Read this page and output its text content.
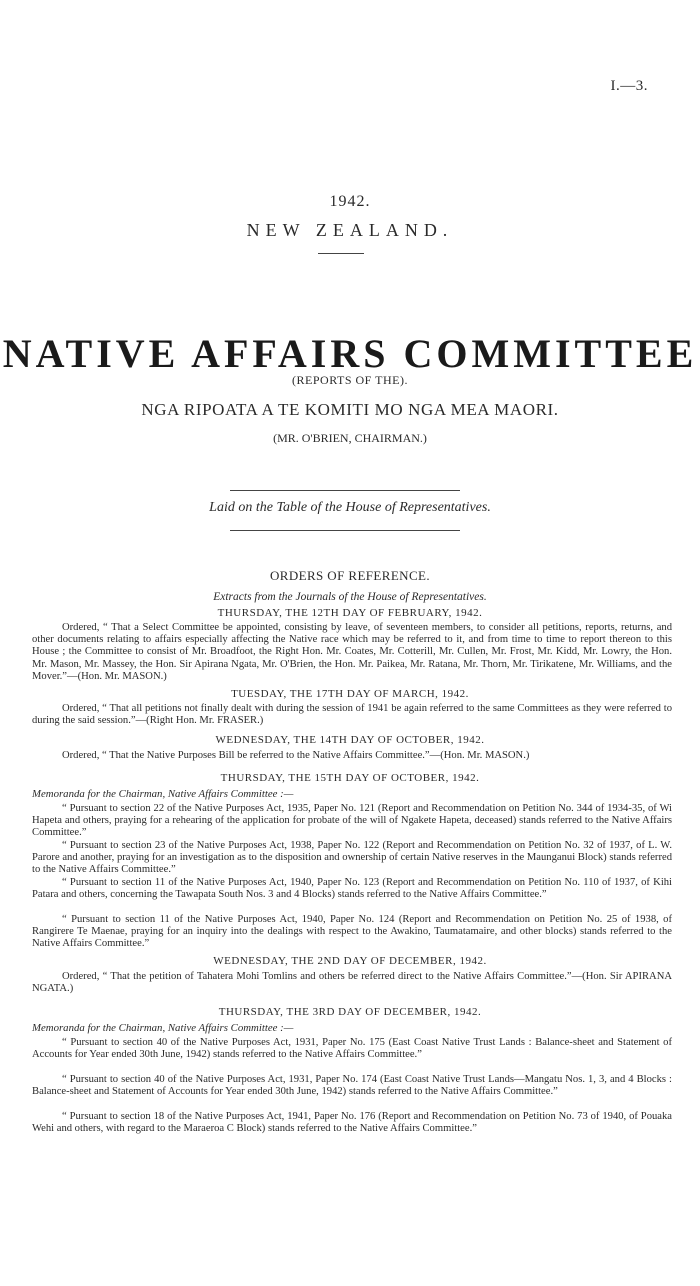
I.—3.
1942.
NEW ZEALAND.
NATIVE AFFAIRS COMMITTEE
(REPORTS OF THE).
NGA RIPOATA A TE KOMITI MO NGA MEA MAORI.
(MR. O'BRIEN, CHAIRMAN.)
Laid on the Table of the House of Representatives.
ORDERS OF REFERENCE.
Extracts from the Journals of the House of Representatives.
THURSDAY, THE 12TH DAY OF FEBRUARY, 1942.

Ordered, “ That a Select Committee be appointed, consisting by leave, of seventeen members, to consider all petitions, reports, returns, and other documents relating to affairs especially affecting the Native race which may be referred to it, and from time to time to report thereon to this House ; the Committee to consist of Mr. Broadfoot, the Right Hon. Mr. Coates, Mr. Cotterill, Mr. Cullen, Mr. Frost, Mr. Kidd, Mr. Lowry, the Hon. Mr. Mason, Mr. Massey, the Hon. Sir Apirana Ngata, Mr. O'Brien, the Hon. Mr. Paikea, Mr. Ratana, Mr. Thorn, Mr. Tirikatene, Mr. Williams, and the Mover.”—(Hon. Mr. MASON.)

TUESDAY, THE 17TH DAY OF MARCH, 1942.

Ordered, “ That all petitions not finally dealt with during the session of 1941 be again referred to the same Committees as they were referred to during the said session.”—(Right Hon. Mr. FRASER.)

WEDNESDAY, THE 14TH DAY OF OCTOBER, 1942.

Ordered, “ That the Native Purposes Bill be referred to the Native Affairs Committee.”—(Hon. Mr. MASON.)

THURSDAY, THE 15TH DAY OF OCTOBER, 1942.
Memoranda for the Chairman, Native Affairs Committee :—

“ Pursuant to section 22 of the Native Purposes Act, 1935, Paper No. 121 (Report and Recommendation on Petition No. 344 of 1934-35, of Wi Hapeta and others, praying for a rehearing of the application for probate of the will of Ngakete Hapeta, deceased) stands referred to the Native Affairs Committee.”

“ Pursuant to section 23 of the Native Purposes Act, 1938, Paper No. 122 (Report and Recommendation on Petition No. 32 of 1937, of L. W. Parore and another, praying for an investigation as to the disposition and ownership of certain Native reserves in the Maunganui Block) stands referred to the Native Affairs Committee.”

“ Pursuant to section 11 of the Native Purposes Act, 1940, Paper No. 123 (Report and Recommendation on Petition No. 110 of 1937, of Kihi Patara and others, concerning the Tawapata South Nos. 3 and 4 Blocks) stands referred to the Native Affairs Committee.”

“ Pursuant to section 11 of the Native Purposes Act, 1940, Paper No. 124 (Report and Recommendation on Petition No. 25 of 1938, of Rangirere Te Maenae, praying for an inquiry into the dealings with respect to the Awakino, Taumatamaire, and other blocks) stands referred to the Native Affairs Committee.”

WEDNESDAY, THE 2ND DAY OF DECEMBER, 1942.

Ordered, “ That the petition of Tahatera Mohi Tomlins and others be referred direct to the Native Affairs Committee.”—(Hon. Sir APIRANA NGATA.)

THURSDAY, THE 3RD DAY OF DECEMBER, 1942.
Memoranda for the Chairman, Native Affairs Committee :—

“ Pursuant to section 40 of the Native Purposes Act, 1931, Paper No. 175 (East Coast Native Trust Lands : Balance-sheet and Statement of Accounts for Year ended 30th June, 1942) stands referred to the Native Affairs Committee.”

“ Pursuant to section 40 of the Native Purposes Act, 1931, Paper No. 174 (East Coast Native Trust Lands—Mangatu Nos. 1, 3, and 4 Blocks : Balance-sheet and Statement of Accounts for Year ended 30th June, 1942) stands referred to the Native Affairs Committee.”

“ Pursuant to section 18 of the Native Purposes Act, 1941, Paper No. 176 (Report and Recommendation on Petition No. 73 of 1940, of Pouaka Wehi and others, with regard to the Maraeroa C Block) stands referred to the Native Affairs Committee.”
